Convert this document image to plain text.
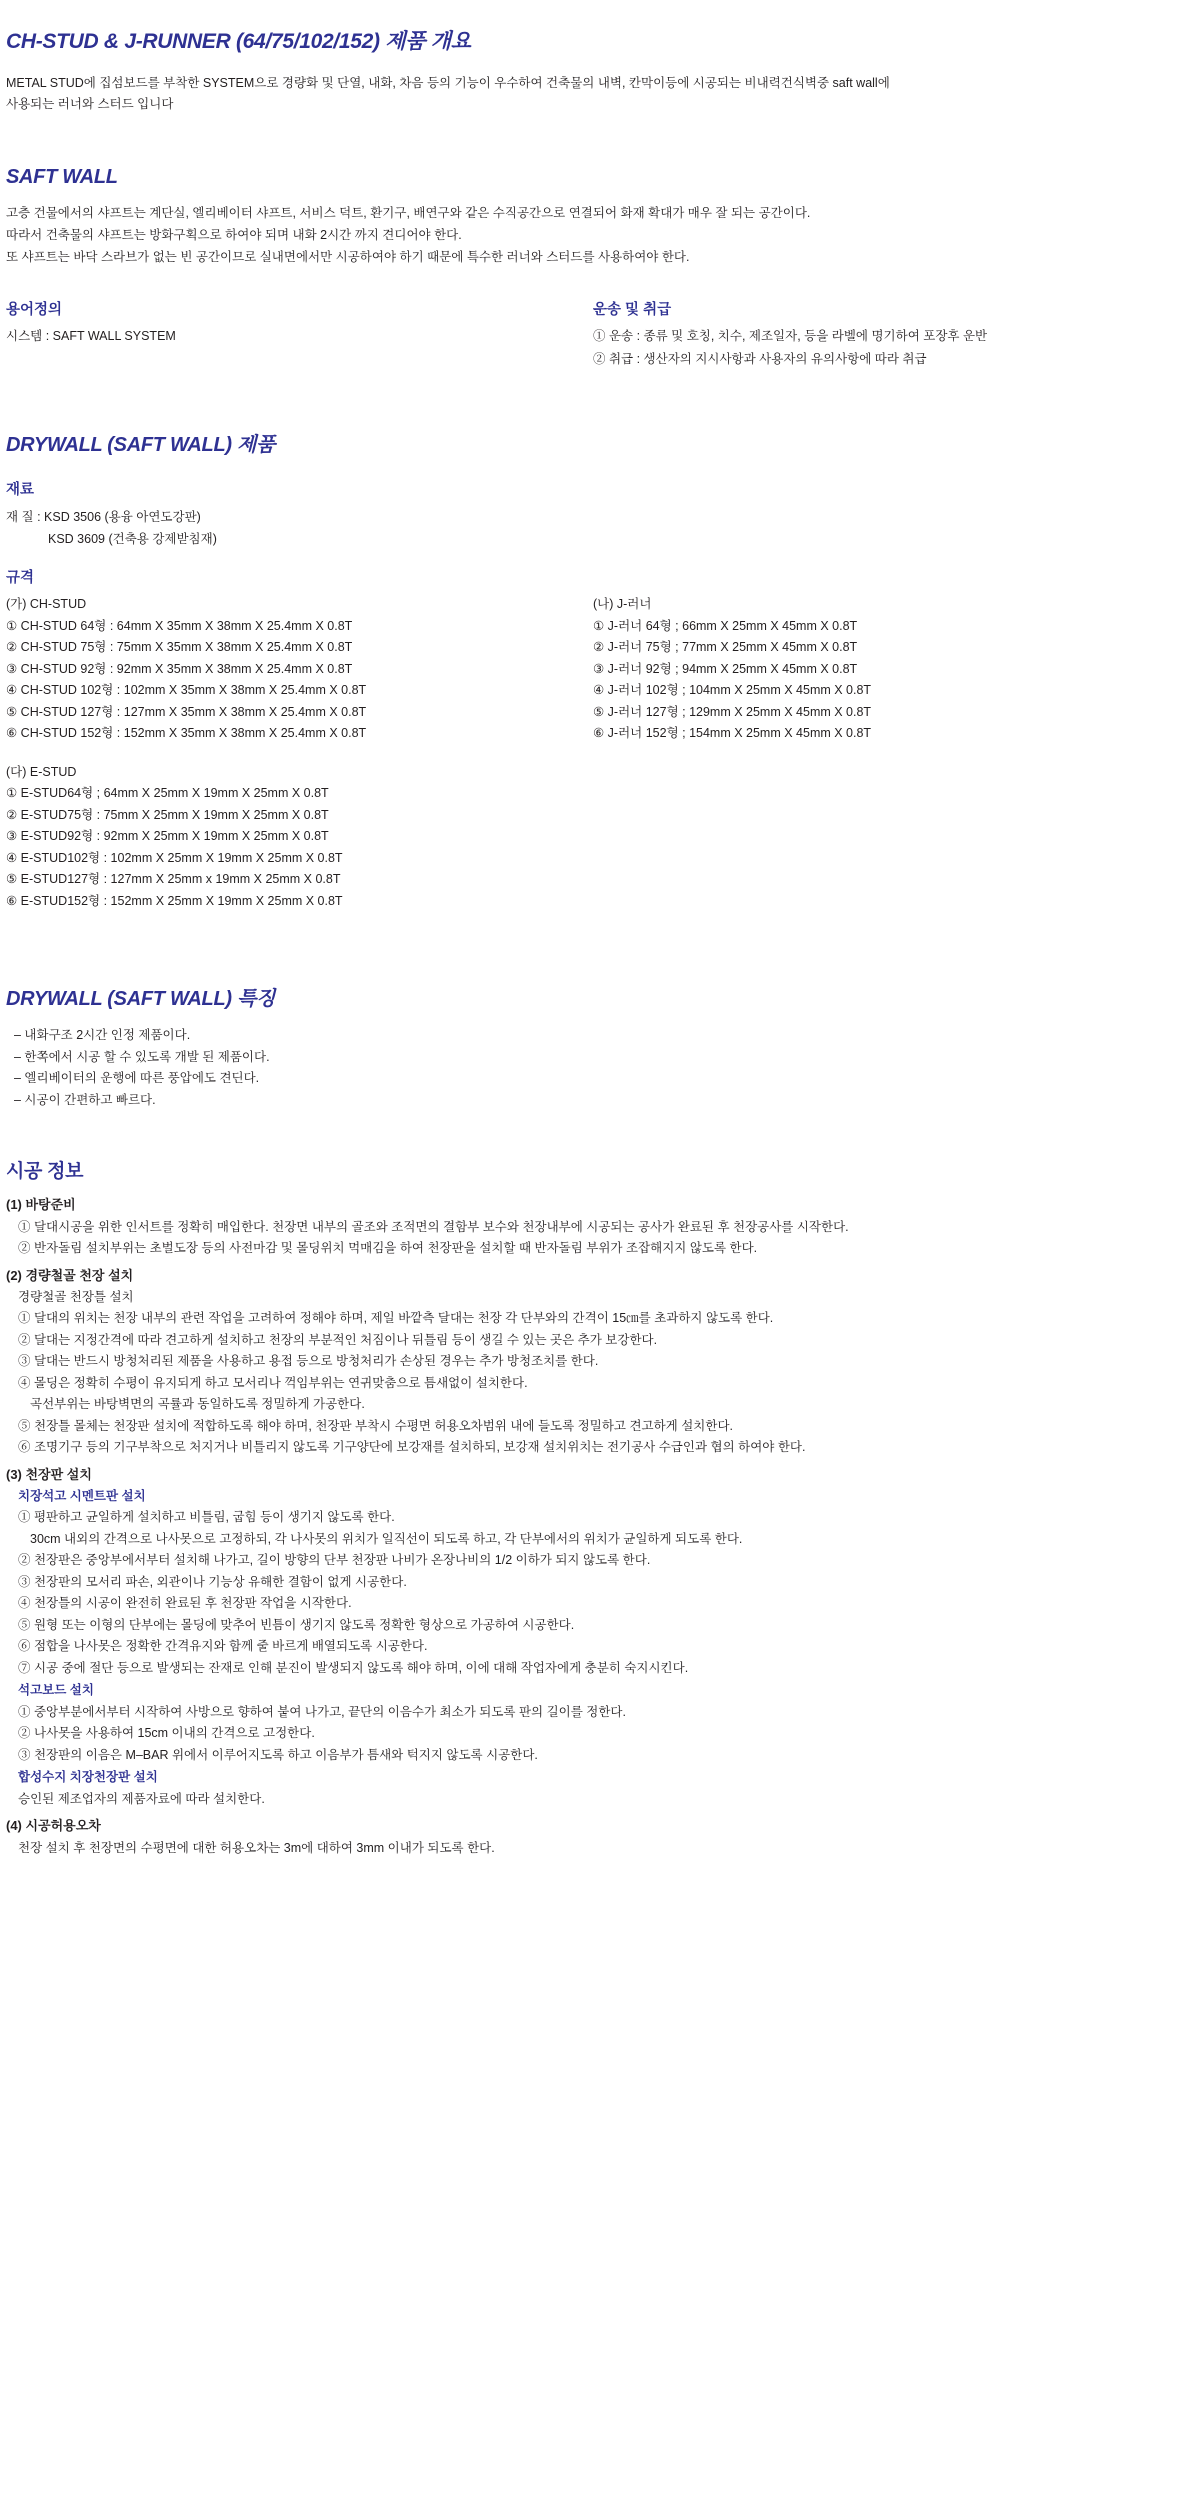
CH-STUD & J-RUNNER (64/75/102/152) 제품 개요

METAL STUD에 집섬보드를 부착한 SYSTEM으로 경량화 및 단열, 내화, 차음 등의 기능이 우수하여 건축물의 내벽, 칸막이등에 시공되는 비내력건식벽중 saft wall에

사용되는 러너와 스터드 입니다

SAFT WALL

고층 건물에서의 샤프트는 계단실, 엘리베이터 샤프트, 서비스 덕트, 환기구, 배연구와 같은 수직공간으로 연결되어 화재 확대가 매우 잘 되는 공간이다.

따라서 건축물의 샤프트는 방화구획으로 하여야 되며 내화 2시간 까지 견디어야 한다.

또 샤프트는 바닥 스라브가 없는 빈 공간이므로 실내면에서만 시공하여야 하기 때문에 특수한 러너와 스터드를 사용하여야 한다.

용어정의
시스템 : SAFT WALL SYSTEM
운송 및 취급
① 운송 : 종류 및 호칭, 치수, 제조일자, 등을 라벨에 명기하여 포장후 운반
② 취급 : 생산자의 지시사항과 사용자의 유의사항에 따라 취급
DRYWALL (SAFT WALL) 제품
재료
재 질 : KSD 3506 (용융 아연도강판)
KSD 3609 (건축용 강제받침재)
규격
(가) CH-STUD
① CH-STUD 64형 : 64mm X 35mm X 38mm X 25.4mm X 0.8T
② CH-STUD 75형 : 75mm X 35mm X 38mm X 25.4mm X 0.8T
③ CH-STUD 92형 : 92mm X 35mm X 38mm X 25.4mm X 0.8T
④ CH-STUD 102형 : 102mm X 35mm X 38mm X 25.4mm X 0.8T
⑤ CH-STUD 127형 : 127mm X 35mm X 38mm X 25.4mm X 0.8T
⑥ CH-STUD 152형 : 152mm X 35mm X 38mm X 25.4mm X 0.8T
(나) J-러너
① J-러너 64형 ; 66mm X 25mm X 45mm X 0.8T
② J-러너 75형 ; 77mm X 25mm X 45mm X 0.8T
③ J-러너 92형 ; 94mm X 25mm X 45mm X 0.8T
④ J-러너 102형 ; 104mm X 25mm X 45mm X 0.8T
⑤ J-러너 127형 ; 129mm X 25mm X 45mm X 0.8T
⑥ J-러너 152형 ; 154mm X 25mm X 45mm X 0.8T
(다) E-STUD
① E-STUD64형 ; 64mm X 25mm X 19mm X 25mm X 0.8T
② E-STUD75형 : 75mm X 25mm X 19mm X 25mm X 0.8T
③ E-STUD92형 : 92mm X 25mm X 19mm X 25mm X 0.8T
④ E-STUD102형 : 102mm X 25mm X 19mm X 25mm X 0.8T
⑤ E-STUD127형 : 127mm X 25mm x 19mm X 25mm X 0.8T
⑥ E-STUD152형 : 152mm X 25mm X 19mm X 25mm X 0.8T
DRYWALL (SAFT WALL) 특징
– 내화구조 2시간 인정 제품이다.
– 한쪽에서 시공 할 수 있도록 개발 된 제품이다.
– 엘리베이터의 운행에 따른 풍압에도 견딘다.
– 시공이 간편하고 빠르다.
시공 정보
(1) 바탕준비
① 달대시공을 위한 인서트를 정확히 매입한다. 천장면 내부의 골조와 조적면의 결함부 보수와 천장내부에 시공되는 공사가 완료된 후 천장공사를 시작한다.
② 반자돌림 설치부위는 초벌도장 등의 사전마감 및 몰딩위치 먹매김을 하여 천장판을 설치할 때 반자돌림 부위가 조잡해지지 않도록 한다.
(2) 경량철골 천장 설치
경량철골 천장틀 설치
① 달대의 위치는 천장 내부의 관련 작업을 고려하여 정해야 하며, 제일 바깥측 달대는 천장 각 단부와의 간격이 15㎝를 초과하지 않도록 한다.
② 달대는 지정간격에 따라 견고하게 설치하고 천장의 부분적인 처짐이나 뒤틀림 등이 생길 수 있는 곳은 추가 보강한다.
③ 달대는 반드시 방청처리된 제품을 사용하고 용접 등으로 방청처리가 손상된 경우는 추가 방청조치를 한다.
④ 몰딩은 정확히 수평이 유지되게 하고 모서리나 꺽임부위는 연귀맞춤으로 틈새없이 설치한다.
곡선부위는 바탕벽면의 곡률과 동일하도록 정밀하게 가공한다.
⑤ 천장틀 몰체는 천장판 설치에 적합하도록 해야 하며, 천장판 부착시 수평면 허용오차범위 내에 들도록 정밀하고 견고하게 설치한다.
⑥ 조명기구 등의 기구부착으로 처지거나 비틀리지 않도록 기구양단에 보강재를 설치하되, 보강재 설치위치는 전기공사 수급인과 협의 하여야 한다.
(3) 천장판 설치
치장석고 시멘트판 설치
① 평판하고 균일하게 설치하고 비틀림, 굽힘 등이 생기지 않도록 한다.
30cm 내외의 간격으로 나사못으로 고정하되, 각 나사못의 위치가 일직선이 되도록 하고, 각 단부에서의 위치가 균일하게 되도록 한다.
② 천장판은 중앙부에서부터 설치해 나가고, 길이 방향의 단부 천장판 나비가 온장나비의 1/2 이하가 되지 않도록 한다.
③ 천장판의 모서리 파손, 외관이나 기능상 유해한 결함이 없게 시공한다.
④ 천장틀의 시공이 완전히 완료된 후 천장판 작업을 시작한다.
⑤ 원형 또는 이형의 단부에는 몰딩에 맞추어 빈틈이 생기지 않도록 정확한 형상으로 가공하여 시공한다.
⑥ 점합을 나사못은 정확한 간격유지와 함께 줄 바르게 배열되도록 시공한다.
⑦ 시공 중에 절단 등으로 발생되는 잔재로 인해 분진이 발생되지 않도록 해야 하며, 이에 대해 작업자에게 충분히 숙지시킨다.
석고보드 설치
① 중앙부분에서부터 시작하여 사방으로 향하여 붙여 나가고, 끝단의 이음수가 최소가 되도록 판의 길이를 정한다.
② 나사못을 사용하여 15cm 이내의 간격으로 고정한다.
③ 천장판의 이음은 M–BAR 위에서 이루어지도록 하고 이음부가 틈새와 턱지지 않도록 시공한다.
합성수지 치장천장판 설치
승인된 제조업자의 제품자료에 따라 설치한다.
(4) 시공허용오차
천장 설치 후 천장면의 수평면에 대한 허용오차는 3m에 대하여 3mm 이내가 되도록 한다.
